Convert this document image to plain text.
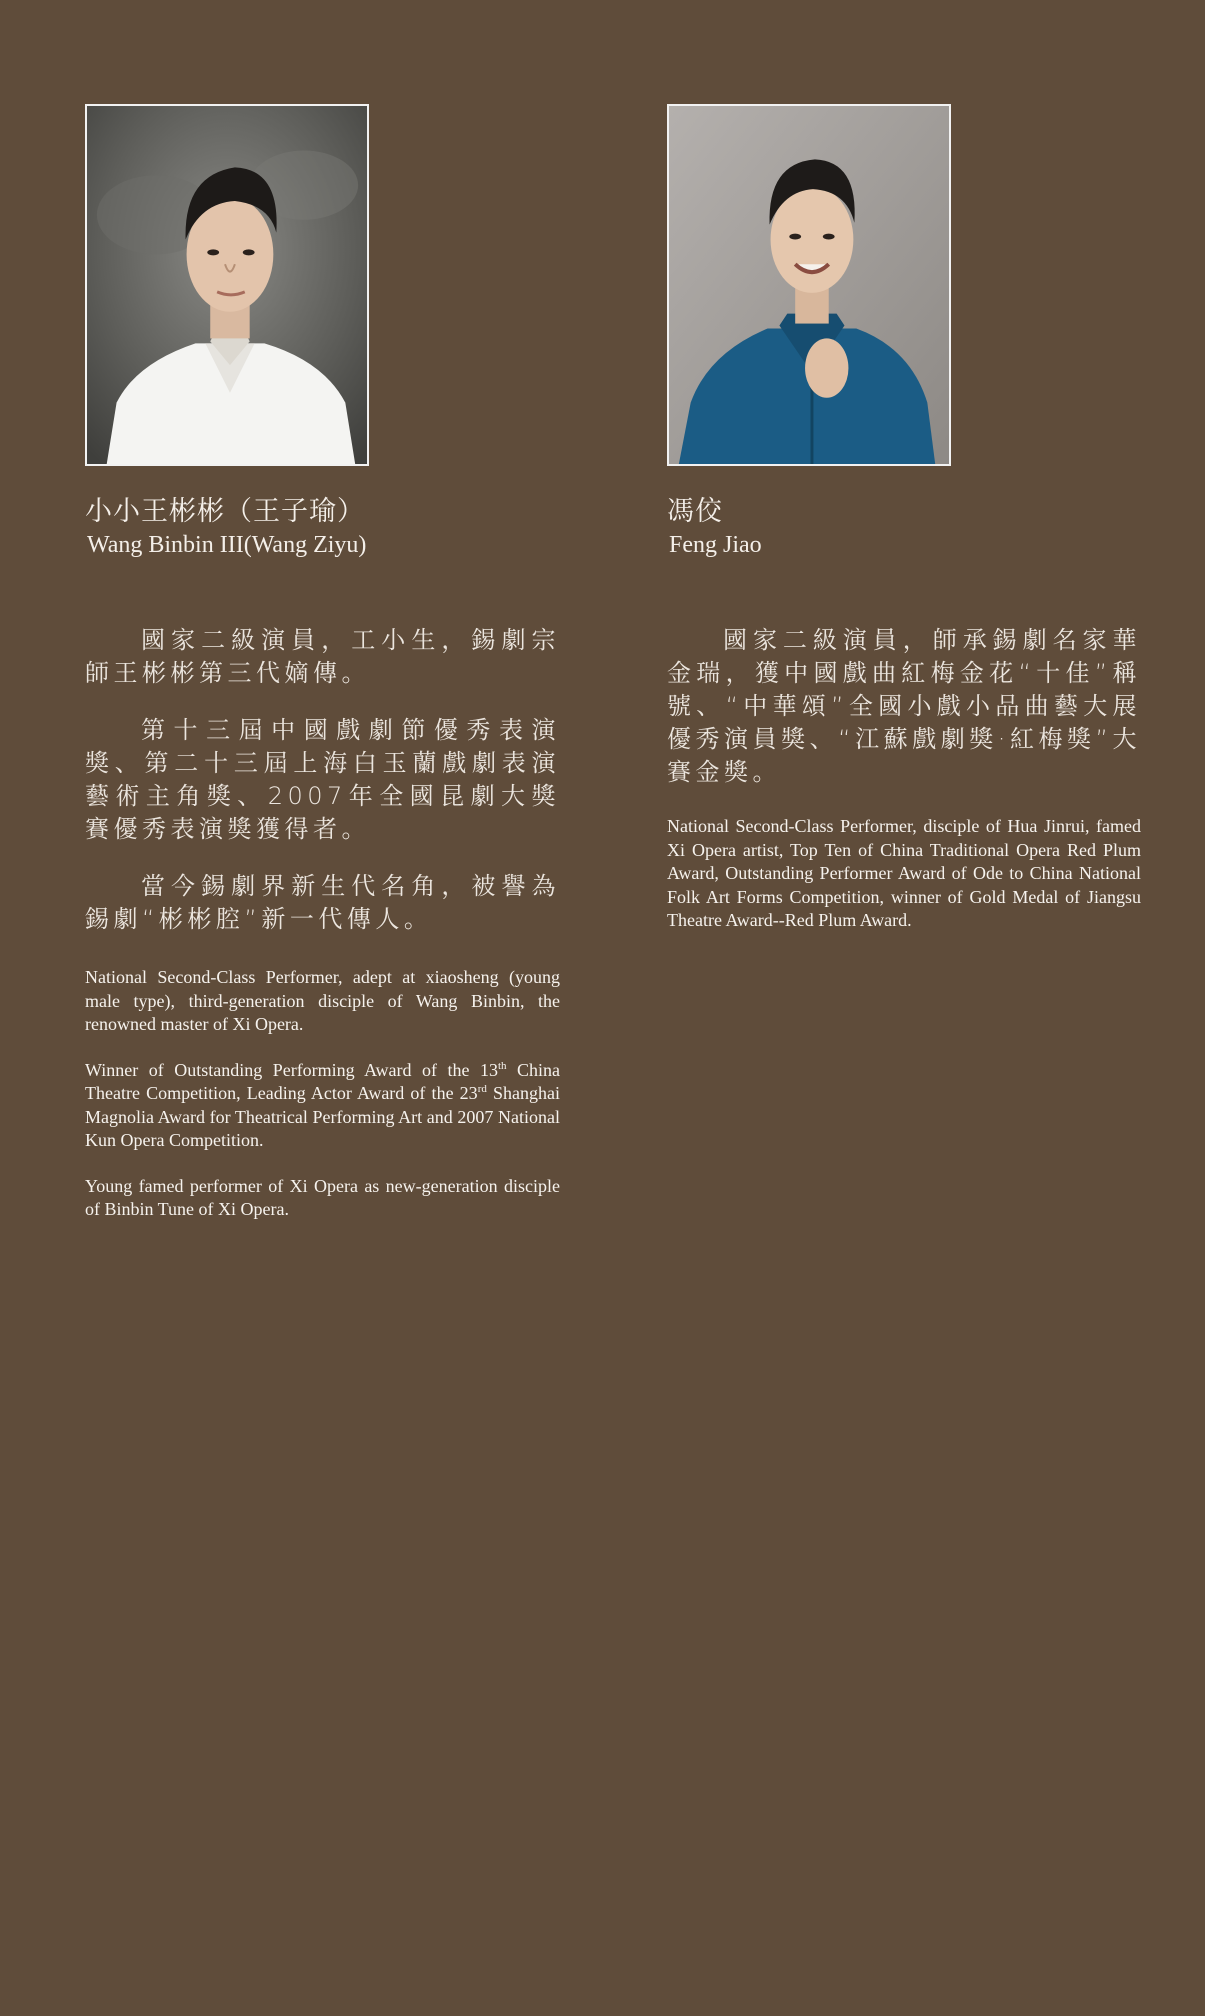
小小王彬彬（王子瑜）
Wang Binbin III(Wang Ziyu)

國家二級演員，工小生，錫劇宗師王彬彬第三代嫡傳。

第十三屆中國戲劇節優秀表演獎、第二十三屆上海白玉蘭戲劇表演藝術主角獎、2007年全國昆劇大獎賽優秀表演獎獲得者。

當今錫劇界新生代名角，被譽為錫劇“彬彬腔”新一代傳人。

National Second-Class Performer, adept at xiaosheng (young male type), third-generation disciple of Wang Binbin, the renowned master of Xi Opera.

Winner of Outstanding Performing Award of the 13th China Theatre Competition, Leading Actor Award of the 23rd Shanghai Magnolia Award for Theatrical Performing Art and 2007 National Kun Opera Competition.

Young famed performer of Xi Opera as new-generation disciple of Binbin Tune of Xi Opera.

馮佼
Feng Jiao

國家二級演員，師承錫劇名家華金瑞，獲中國戲曲紅梅金花“十佳”稱號、“中華頌”全國小戲小品曲藝大展優秀演員獎、“江蘇戲劇獎·紅梅獎”大賽金獎。

National Second-Class Performer, disciple of Hua Jinrui, famed Xi Opera artist, Top Ten of China Traditional Opera Red Plum Award, Outstanding Performer Award of Ode to China National Folk Art Forms Competition, winner of Gold Medal of Jiangsu Theatre Award--Red Plum Award.
